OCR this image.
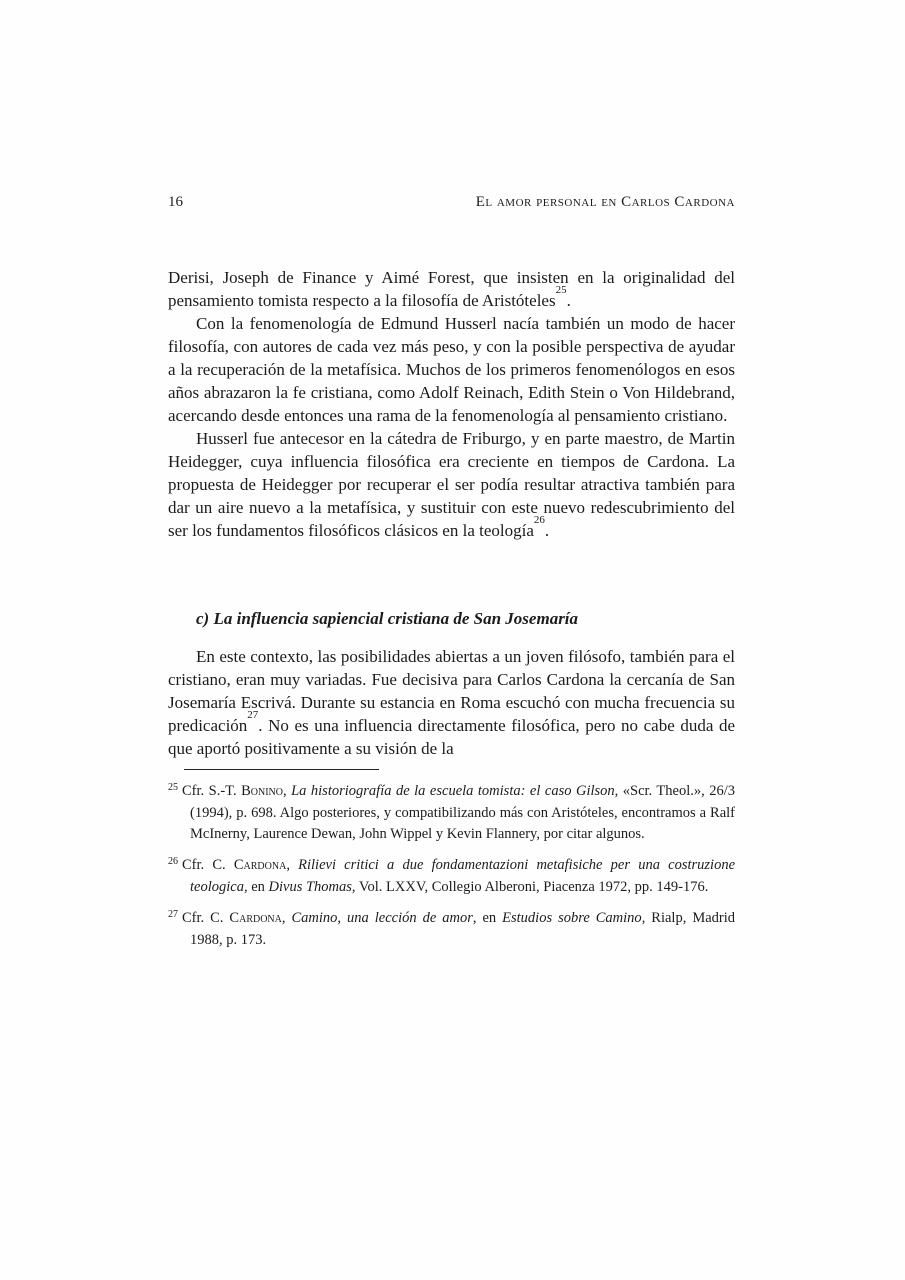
16	El amor personal en Carlos Cardona

Derisi, Joseph de Finance y Aimé Forest, que insisten en la originalidad del pensamiento tomista respecto a la filosofía de Aristóteles$^{25}$.

Con la fenomenología de Edmund Husserl nacía también un modo de hacer filosofía, con autores de cada vez más peso, y con la posible perspectiva de ayudar a la recuperación de la metafísica. Muchos de los primeros fenomenólogos en esos años abrazaron la fe cristiana, como Adolf Reinach, Edith Stein o Von Hildebrand, acercando desde entonces una rama de la fenomenología al pensamiento cristiano.

Husserl fue antecesor en la cátedra de Friburgo, y en parte maestro, de Martin Heidegger, cuya influencia filosófica era creciente en tiempos de Cardona. La propuesta de Heidegger por recuperar el ser podía resultar atractiva también para dar un aire nuevo a la metafísica, y sustituir con este nuevo redescubrimiento del ser los fundamentos filosóficos clásicos en la teología$^{26}$.

c) La influencia sapiencial cristiana de San Josemaría

En este contexto, las posibilidades abiertas a un joven filósofo, también para el cristiano, eran muy variadas. Fue decisiva para Carlos Cardona la cercanía de San Josemaría Escrivá. Durante su estancia en Roma escuchó con mucha frecuencia su predicación$^{27}$. No es una influencia directamente filosófica, pero no cabe duda de que aportó positivamente a su visión de la

$^{25}$ Cfr. S.-T. Bonino, La historiografía de la escuela tomista: el caso Gilson, «Scr. Theol.», 26/3 (1994), p. 698. Algo posteriores, y compatibilizando más con Aristóteles, encontramos a Ralf McInerny, Laurence Dewan, John Wippel y Kevin Flannery, por citar algunos.

$^{26}$ Cfr. C. Cardona, Rilievi critici a due fondamentazioni metafisiche per una costruzione teologica, en Divus Thomas, Vol. LXXV, Collegio Alberoni, Piacenza 1972, pp. 149-176.

$^{27}$ Cfr. C. Cardona, Camino, una lección de amor, en Estudios sobre Camino, Rialp, Madrid 1988, p. 173.
